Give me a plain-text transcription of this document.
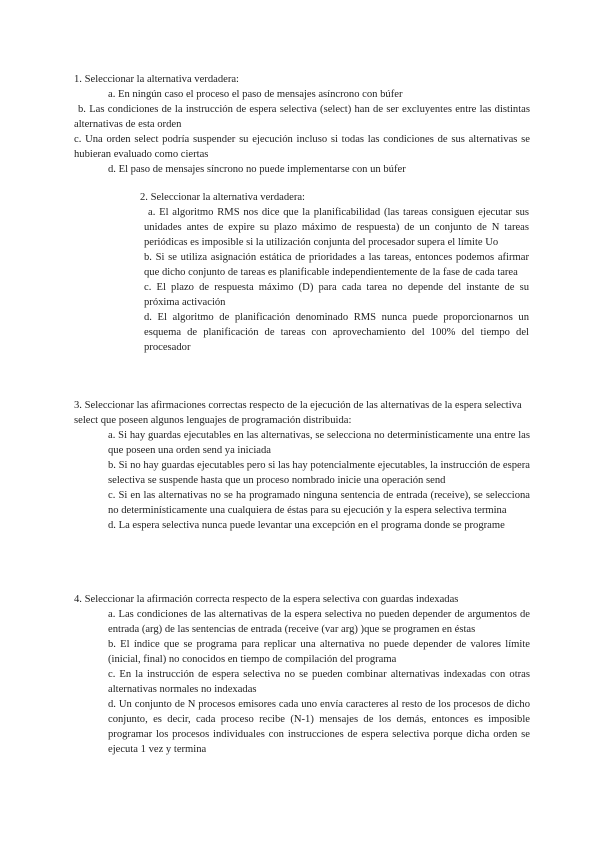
1. Seleccionar la alternativa verdadera:
a. En ningún caso el proceso el paso de mensajes asíncrono con búfer
b. Las condiciones de la instrucción de espera selectiva (select) han de ser excluyentes entre las distintas alternativas de esta orden
c. Una orden select podría suspender su ejecución incluso si todas las condiciones de sus alternativas se hubieran evaluado como ciertas
d. El paso de mensajes síncrono no puede implementarse con un búfer
2. Seleccionar la alternativa verdadera:
a. El algoritmo RMS nos dice que la planificabilidad (las tareas consiguen ejecutar sus unidades antes de expire su plazo máximo de respuesta) de un conjunto de N tareas periódicas es imposible si la utilización conjunta del procesador supera el límite Uo
b. Si se utiliza asignación estática de prioridades a las tareas, entonces podemos afirmar que dicho conjunto de tareas es planificable independientemente de la fase de cada tarea
c. El plazo de respuesta máximo (D) para cada tarea no depende del instante de su próxima activación
d. El algoritmo de planificación denominado RMS nunca puede proporcionarnos un esquema de planificación de tareas con aprovechamiento del 100% del tiempo del procesador
3. Seleccionar las afirmaciones correctas respecto de la ejecución de las alternativas de la espera selectiva select que poseen algunos lenguajes de programación distribuida:
a. Si hay guardas ejecutables en las alternativas, se selecciona no determinísticamente una entre las que poseen una orden send ya iniciada
b. Si no hay guardas ejecutables pero si las hay potencialmente ejecutables, la instrucción de espera selectiva se suspende hasta que un proceso nombrado inicie una operación send
c. Si en las alternativas no se ha programado ninguna sentencia de entrada (receive), se selecciona no determinísticamente una cualquiera de éstas para su ejecución y la espera selectiva termina
d. La espera selectiva nunca puede levantar una excepción en el programa donde se programe
4. Seleccionar la afirmación correcta respecto de la espera selectiva con guardas indexadas
a. Las condiciones de las alternativas de la espera selectiva no pueden depender de argumentos de entrada (arg) de las sentencias de entrada (receive (var arg) )que se programen en éstas
b. El índice que se programa para replicar una alternativa no puede depender de valores límite (inicial, final) no conocidos en tiempo de compilación del programa
c. En la instrucción de espera selectiva no se pueden combinar alternativas indexadas con otras alternativas normales no indexadas
d. Un conjunto de N procesos emisores cada uno envía caracteres al resto de los procesos de dicho conjunto, es decir, cada proceso recibe (N-1) mensajes de los demás, entonces es imposible programar los procesos individuales con instrucciones de espera selectiva porque dicha orden se ejecuta 1 vez y termina
